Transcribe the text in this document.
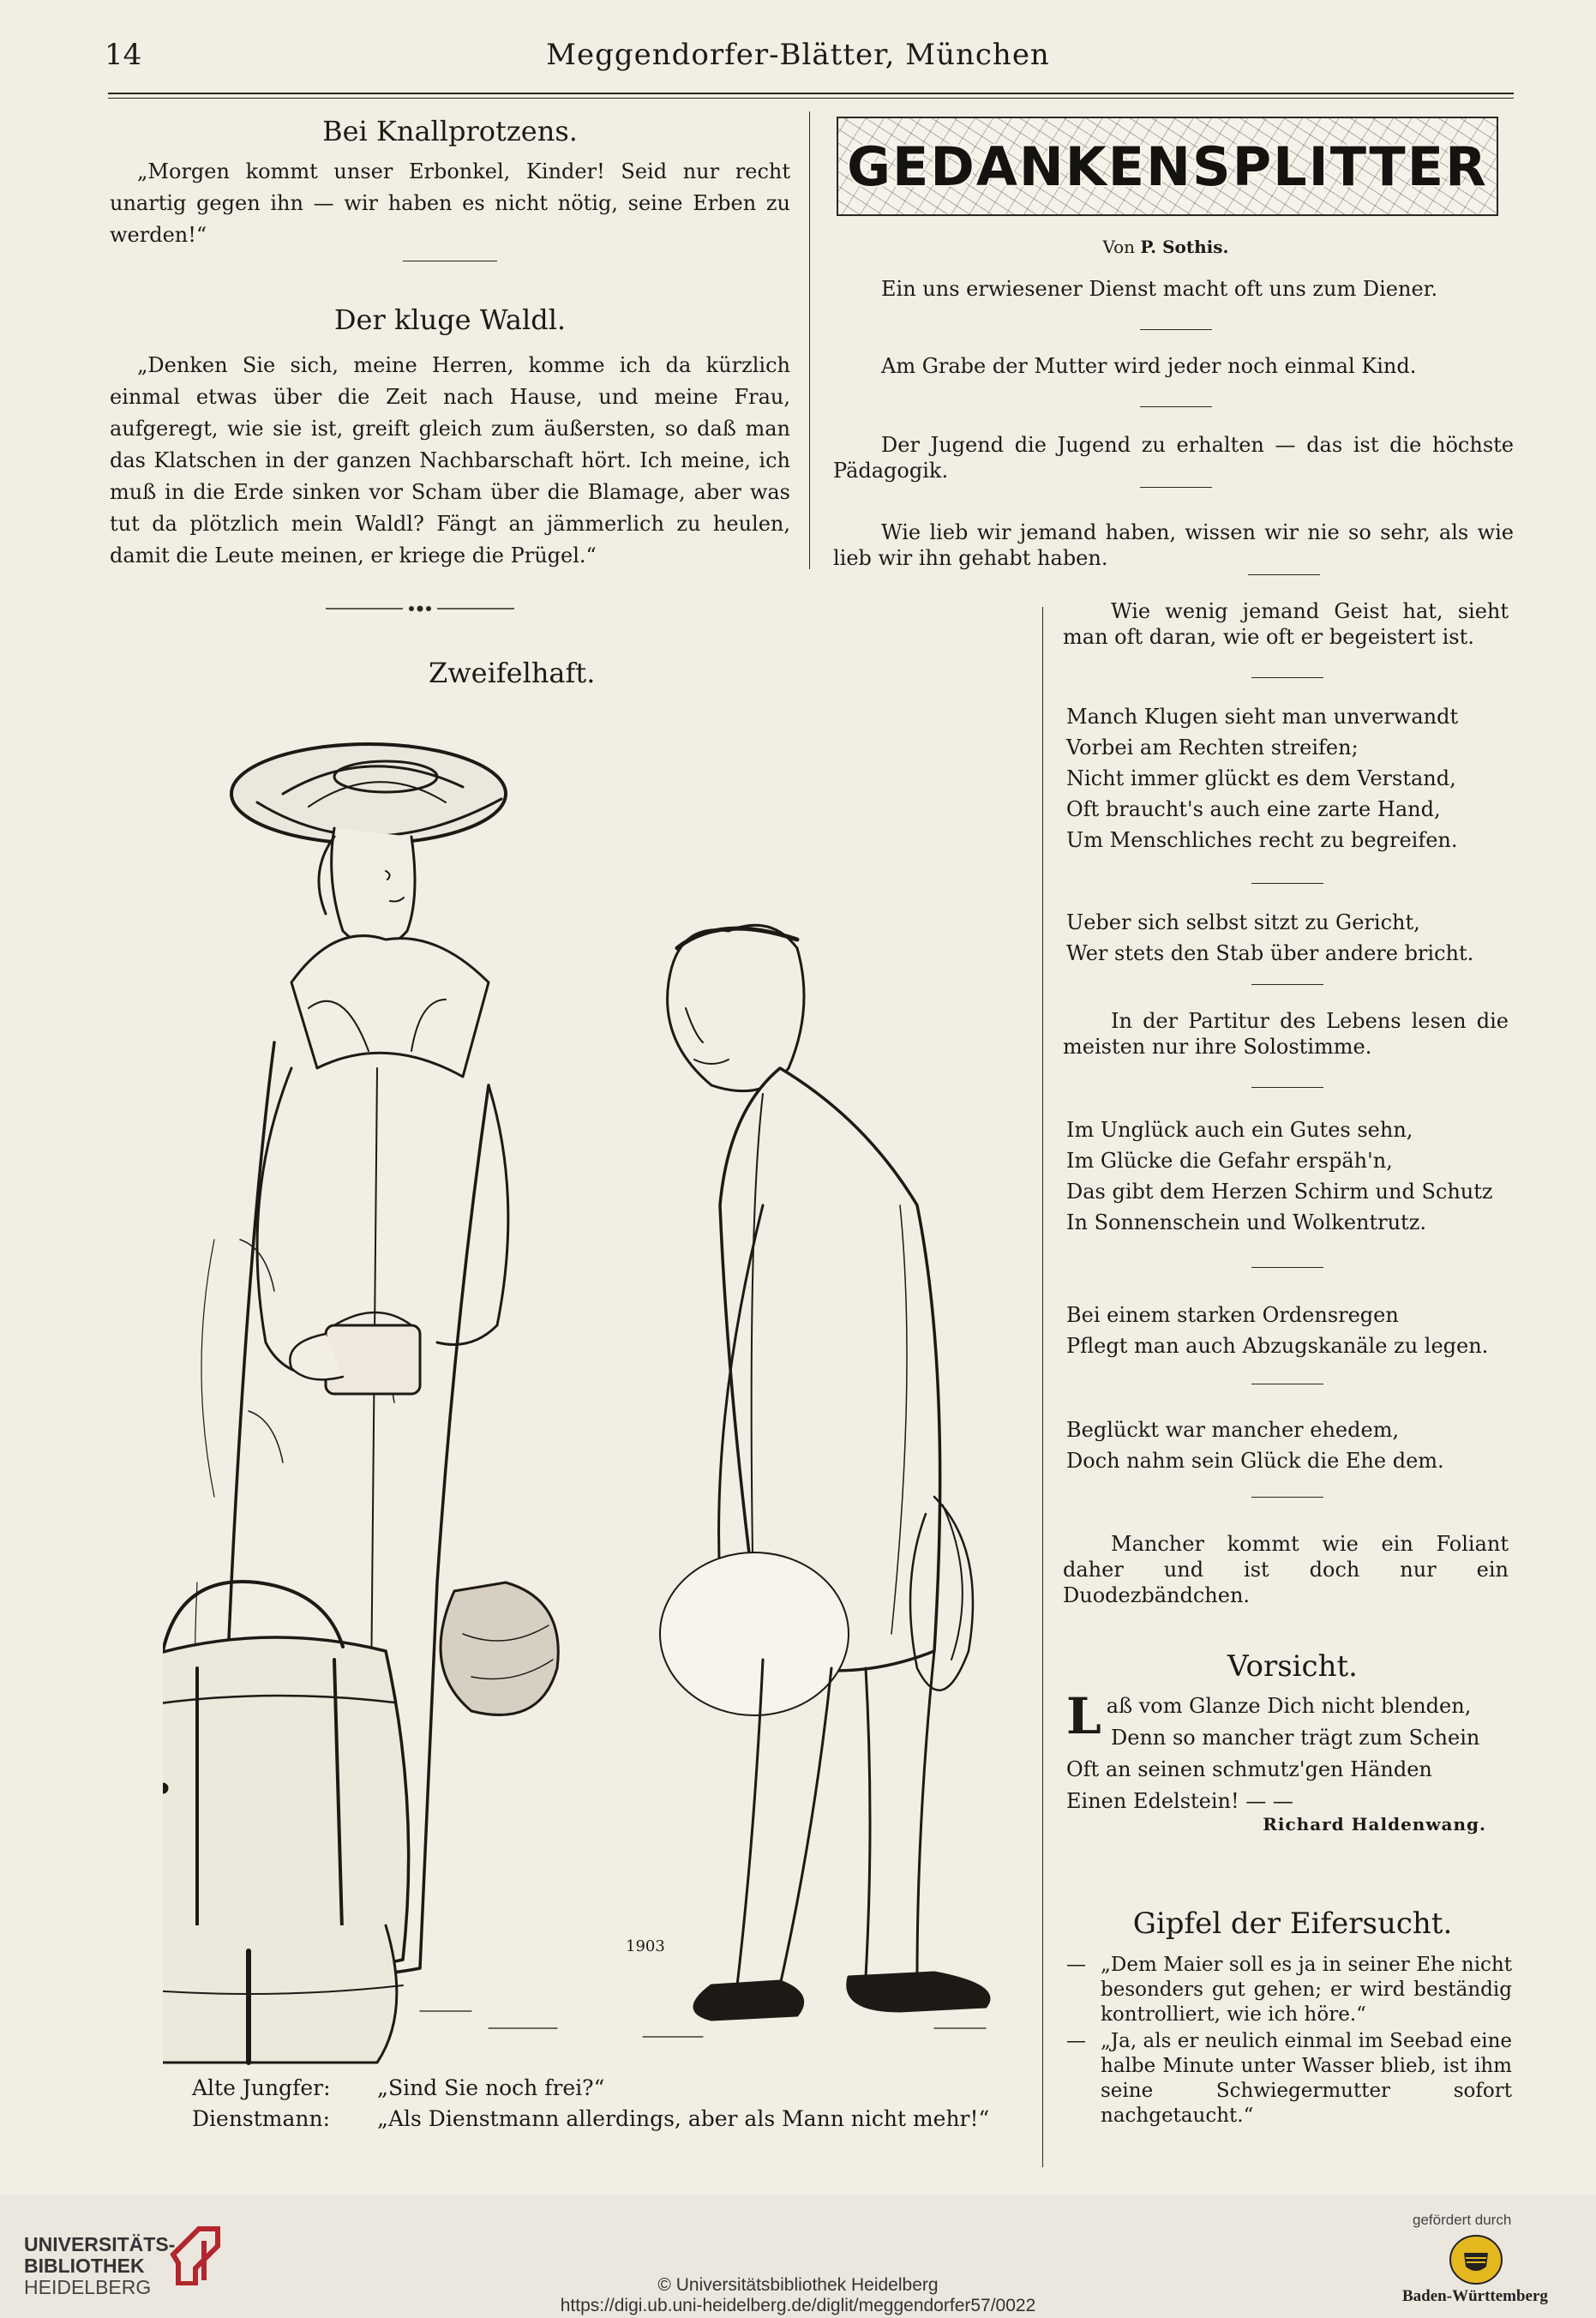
14	Meggendorfer-Blätter, München

Bei Knallprotzens.

„Morgen kommt unser Erbonkel, Kinder! Seid nur recht unartig gegen ihn — wir haben es nicht nötig, seine Erben zu werden!“

Der kluge Waldl.

„Denken Sie sich, meine Herren, komme ich da kürzlich einmal etwas über die Zeit nach Hause, und meine Frau, aufgeregt, wie sie ist, greift gleich zum äußersten, so daß man das Klatschen in der ganzen Nachbarschaft hört. Ich meine, ich muß in die Erde sinken vor Scham über die Blamage, aber was tut da plötzlich mein Waldl? Fängt an jämmerlich zu heulen, damit die Leute meinen, er kriege die Prügel.“

Zweifelhaft.
1903
Alte Jungfer: „Sind Sie noch frei?“
Dienstmann: „Als Dienstmann allerdings, aber als Mann nicht mehr!“
GEDANKENSPLITTER
Von P. Sothis.

Ein uns erwiesener Dienst macht oft uns zum Diener.

Am Grabe der Mutter wird jeder noch einmal Kind.

Der Jugend die Jugend zu erhalten — das ist die höchste Pädagogik.

Wie lieb wir jemand haben, wissen wir nie so sehr, als wie lieb wir ihn gehabt haben.

Wie wenig jemand Geist hat, sieht man oft daran, wie oft er begeistert ist.

Manch Klugen sieht man unverwandt
Vorbei am Rechten streifen;
Nicht immer glückt es dem Verstand,
Oft braucht's auch eine zarte Hand,
Um Menschliches recht zu begreifen.
Ueber sich selbst sitzt zu Gericht,
Wer stets den Stab über andere bricht.

In der Partitur des Lebens lesen die meisten nur ihre Solostimme.

Im Unglück auch ein Gutes sehn,
Im Glücke die Gefahr erspäh'n,
Das gibt dem Herzen Schirm und Schutz
In Sonnenschein und Wolkentrutz.
Bei einem starken Ordensregen
Pflegt man auch Abzugskanäle zu legen.
Beglückt war mancher ehedem,
Doch nahm sein Glück die Ehe dem.

Mancher kommt wie ein Foliant daher und ist doch nur ein Duodezbändchen.

Vorsicht.
Laß vom Glanze Dich nicht blenden,
Denn so mancher trägt zum Schein
Oft an seinen schmutz'gen Händen
Einen Edelstein! — —
Richard Haldenwang.
Gipfel der Eifersucht.
— „Dem Maier soll es ja in seiner Ehe nicht besonders gut gehen; er wird beständig kontrolliert, wie ich höre.“
— „Ja, als er neulich einmal im Seebad eine halbe Minute unter Wasser blieb, ist ihm seine Schwiegermutter sofort nachgetaucht.“
UNIVERSITÄTS-
BIBLIOTHEK
HEIDELBERG	© Universitätsbibliothek Heidelberg
https://digi.ub.uni-heidelberg.de/diglit/meggendorfer57/0022
gefördert durch
Baden-Württemberg
